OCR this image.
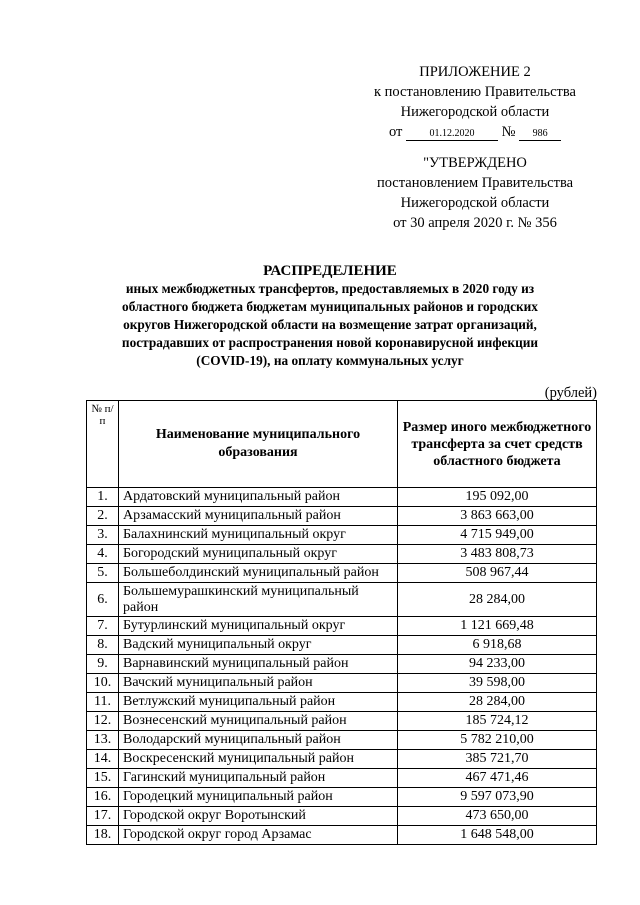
ПРИЛОЖЕНИЕ 2
к постановлению Правительства
Нижегородской области
от	01.12.2020 № 986
"УТВЕРЖДЕНО
постановлением Правительства
Нижегородской области
от 30 апреля 2020 г. № 356
РАСПРЕДЕЛЕНИЕ
иных межбюджетных трансфертов, предоставляемых в 2020 году из
областного бюджета бюджетам муниципальных районов и городских
округов Нижегородской области на возмещение затрат организаций,
пострадавших от распространения новой коронавирусной инфекции
(COVID-19), на оплату коммунальных услуг
(рублей)
№ п/п	Наименование муниципального образования	Размер иного межбюджетного трансферта за счет средств областного бюджета
1.	Ардатовский муниципальный район	195 092,00
2.	Арзамасский муниципальный район	3 863 663,00
3.	Балахнинский муниципальный округ	4 715 949,00
4.	Богородский муниципальный округ	3 483 808,73
5.	Большеболдинский муниципальный район	508 967,44
6.	Большемурашкинский муниципальный район	28 284,00
7.	Бутурлинский муниципальный округ	1 121 669,48
8.	Вадский муниципальный округ	6 918,68
9.	Варнавинский муниципальный район	94 233,00
10.	Вачский муниципальный район	39 598,00
11.	Ветлужский муниципальный район	28 284,00
12.	Вознесенский муниципальный район	185 724,12
13.	Володарский муниципальный район	5 782 210,00
14.	Воскресенский муниципальный район	385 721,70
15.	Гагинский муниципальный район	467 471,46
16.	Городецкий муниципальный район	9 597 073,90
17.	Городской округ Воротынский	473 650,00
18.	Городской округ город Арзамас	1 648 548,00
